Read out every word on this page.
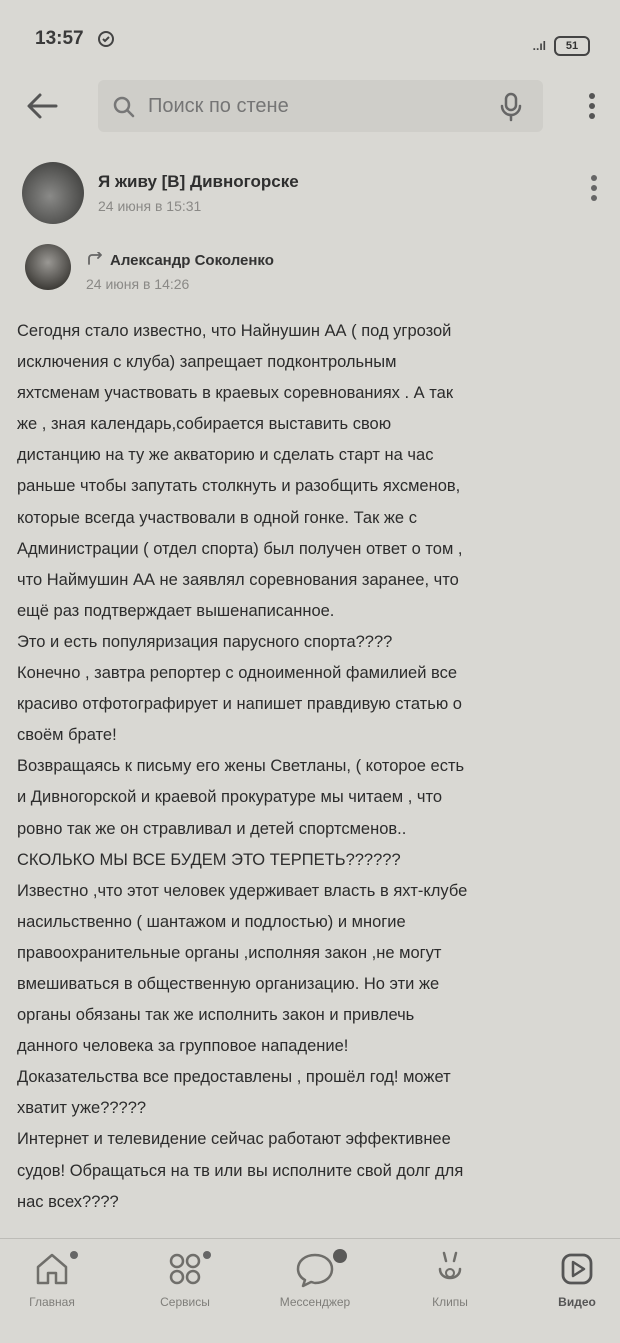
13:57	..ıl 51
Поиск по стене
Я живу [В] Дивногорске
24 июня в 15:31
Александр Соколенко
24 июня в 14:26
Сегодня стало известно, что Найнушин АА ( под угрозой
исключения с клуба) запрещает подконтрольным
яхтсменам участвовать в краевых соревнованиях . А так
же , зная календарь,собирается выставить свою
дистанцию на ту же акваторию и сделать старт на час
раньше чтобы запутать столкнуть и разобщить яхсменов,
которые всегда участвовали в одной гонке. Так же с
Администрации ( отдел спорта) был получен ответ о том ,
что Наймушин АА не заявлял соревнования заранее, что
ещё раз подтверждает вышенаписанное.
Это и есть популяризация парусного спорта????
Конечно , завтра репортер с одноименной фамилией все
красиво отфотографирует и напишет правдивую статью о
своём брате!
Возвращаясь к письму его жены Светланы, ( которое есть
и Дивногорской и краевой прокуратуре мы читаем , что
ровно так же он стравливал и детей спортсменов..
СКОЛЬКО МЫ ВСЕ БУДЕМ ЭТО ТЕРПЕТЬ??????
Известно ,что этот человек удерживает власть в яхт-клубе
насильственно ( шантажом и подлостью) и многие
правоохранительные органы ,исполняя закон ,не могут
вмешиваться в общественную организацию. Но эти же
органы обязаны так же исполнить закон и привлечь
данного человека за групповое нападение!
Доказательства все предоставлены , прошёл год! может
хватит уже?????
Интернет и телевидение сейчас работают эффективнее
судов! Обращаться на тв или вы исполните свой долг для
нас всех????
Главная	Сервисы	Мессенджер	Клипы	Видео
